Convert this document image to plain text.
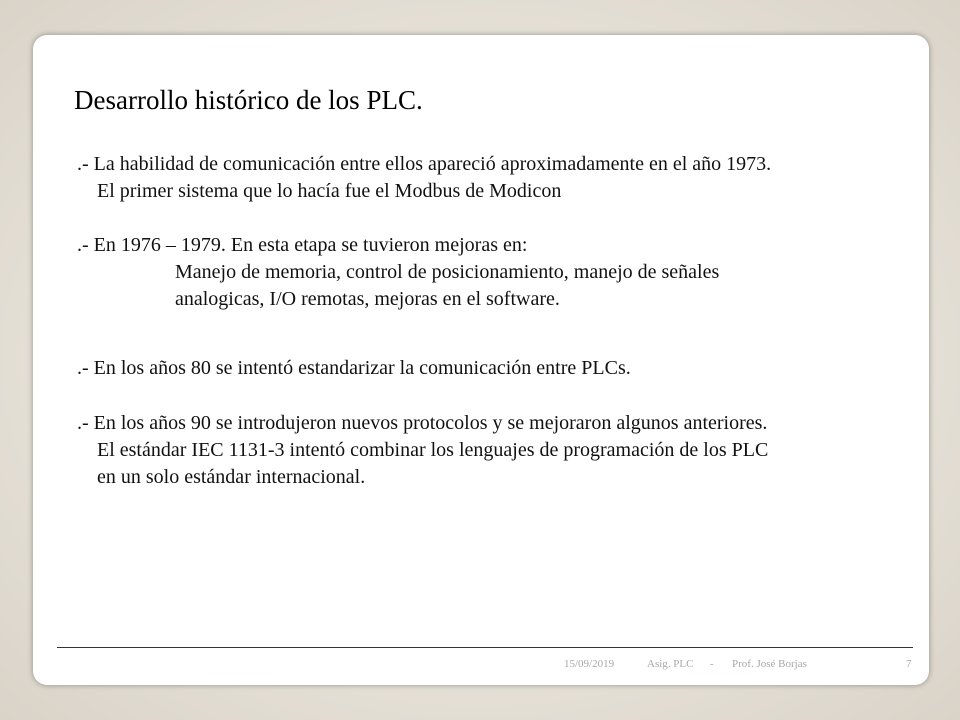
Desarrollo histórico de los PLC.
.- La habilidad de comunicación entre ellos apareció aproximadamente en el año 1973.
El primer sistema que lo hacía fue el Modbus de Modicon
.- En 1976 – 1979. En esta etapa se tuvieron mejoras en:
Manejo de memoria, control de posicionamiento, manejo de señales
analogicas, I/O remotas, mejoras en el software.
.- En los años 80 se intentó estandarizar la comunicación entre PLCs.
.- En los años 90 se introdujeron nuevos protocolos y se mejoraron algunos anteriores.
El estándar IEC 1131-3 intentó combinar los lenguajes de programación de los PLC
en un solo estándar internacional.
15/09/2019	Asig. PLC - Prof. José Borjas	7
